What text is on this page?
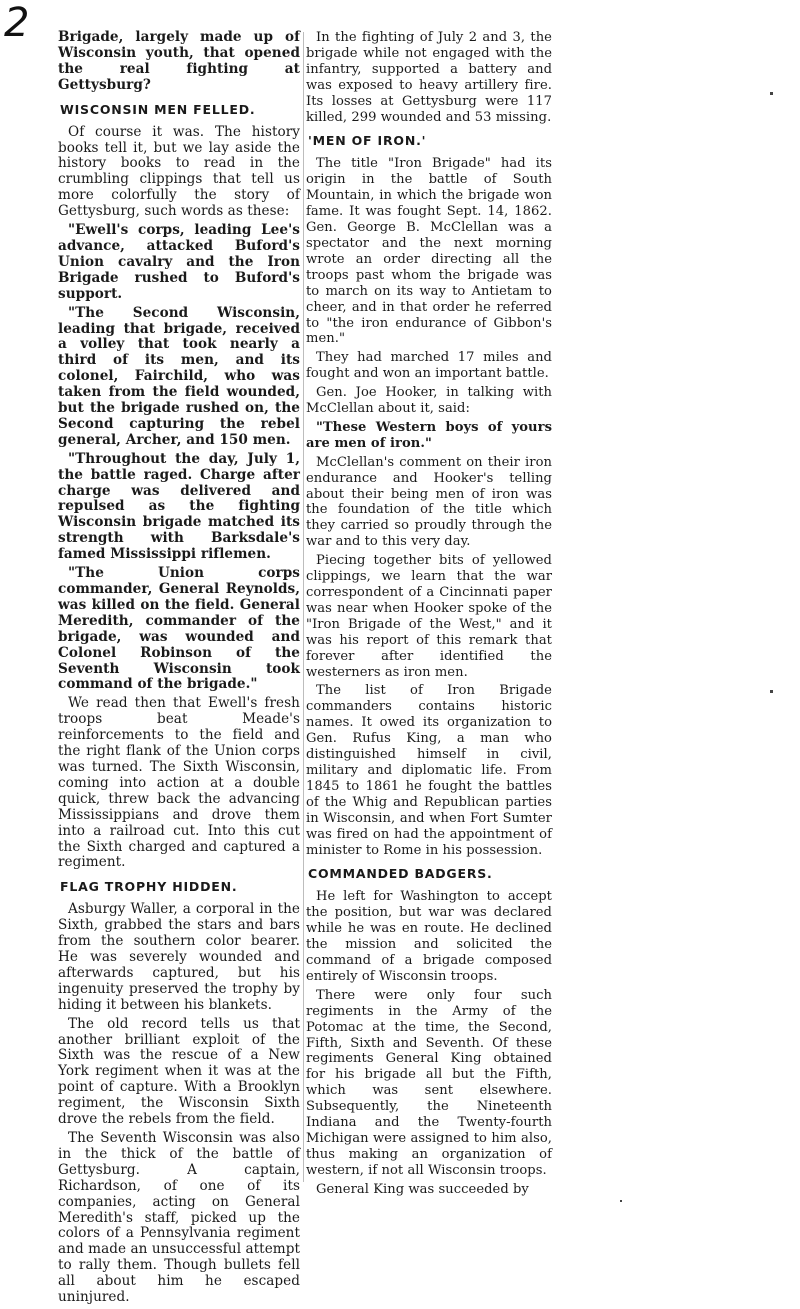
2 Brigade, largely made up of Wisconsin youth, that opened the real fighting at Gettysburg?

WISCONSIN MEN FELLED.

Of course it was. The history books tell it, but we lay aside the history books to read in the crumbling clippings that tell us more colorfully the story of Gettysburg, such words as these:

"Ewell's corps, leading Lee's advance, attacked Buford's Union cavalry and the Iron Brigade rushed to Buford's support.

"The Second Wisconsin, leading that brigade, received a volley that took nearly a third of its men, and its colonel, Fairchild, who was taken from the field wounded, but the brigade rushed on, the Second capturing the rebel general, Archer, and 150 men.

"Throughout the day, July 1, the battle raged. Charge after charge was delivered and repulsed as the fighting Wisconsin brigade matched its strength with Barksdale's famed Mississippi riflemen.

"The Union corps commander, General Reynolds, was killed on the field. General Meredith, commander of the brigade, was wounded and Colonel Robinson of the Seventh Wisconsin took command of the brigade."

We read then that Ewell's fresh troops beat Meade's reinforcements to the field and the right flank of the Union corps was turned. The Sixth Wisconsin, coming into action at a double quick, threw back the advancing Mississippians and drove them into a railroad cut. Into this cut the Sixth charged and captured a regiment.

FLAG TROPHY HIDDEN.

Asburgy Waller, a corporal in the Sixth, grabbed the stars and bars from the southern color bearer. He was severely wounded and afterwards captured, but his ingenuity preserved the trophy by hiding it between his blankets.

The old record tells us that another brilliant exploit of the Sixth was the rescue of a New York regiment when it was at the point of capture. With a Brooklyn regiment, the Wisconsin Sixth drove the rebels from the field.

The Seventh Wisconsin was also in the thick of the battle of Gettysburg. A captain, Richardson, of one of its companies, acting on General Meredith's staff, picked up the colors of a Pennsylvania regiment and made an unsuccessful attempt to rally them. Though bullets fell all about him he escaped uninjured.

In the fighting of July 2 and 3, the brigade while not engaged with the infantry, supported a battery and was exposed to heavy artillery fire. Its losses at Gettysburg were 117 killed, 299 wounded and 53 missing.

'MEN OF IRON.'

The title "Iron Brigade" had its origin in the battle of South Mountain, in which the brigade won fame. It was fought Sept. 14, 1862. Gen. George B. McClellan was a spectator and the next morning wrote an order directing all the troops past whom the brigade was to march on its way to Antietam to cheer, and in that order he referred to "the iron endurance of Gibbon's men."

They had marched 17 miles and fought and won an important battle.

Gen. Joe Hooker, in talking with McClellan about it, said:

"These Western boys of yours are men of iron."

McClellan's comment on their iron endurance and Hooker's telling about their being men of iron was the foundation of the title which they carried so proudly through the war and to this very day.

Piecing together bits of yellowed clippings, we learn that the war correspondent of a Cincinnati paper was near when Hooker spoke of the "Iron Brigade of the West," and it was his report of this remark that forever after identified the westerners as iron men.

The list of Iron Brigade commanders contains historic names. It owed its organization to Gen. Rufus King, a man who distinguished himself in civil, military and diplomatic life. From 1845 to 1861 he fought the battles of the Whig and Republican parties in Wisconsin, and when Fort Sumter was fired on had the appointment of minister to Rome in his possession.

COMMANDED BADGERS.

He left for Washington to accept the position, but war was declared while he was en route. He declined the mission and solicited the command of a brigade composed entirely of Wisconsin troops.

There were only four such regiments in the Army of the Potomac at the time, the Second, Fifth, Sixth and Seventh. Of these regiments General King obtained for his brigade all but the Fifth, which was sent elsewhere. Subsequently, the Nineteenth Indiana and the Twenty-fourth Michigan were assigned to him also, thus making an organization of western, if not all Wisconsin troops.

General King was succeeded by
